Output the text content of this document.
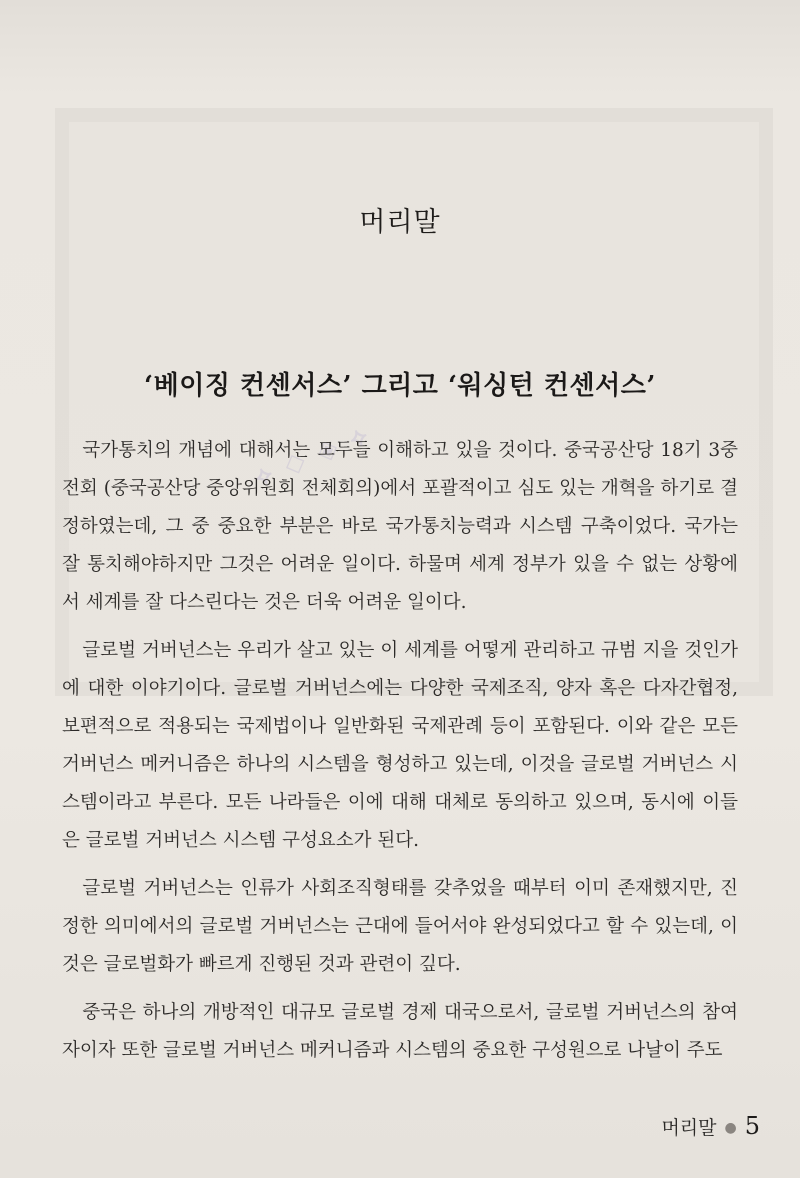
머리말
‘베이징 컨센서스’ 그리고 ‘워싱턴 컨센서스’
⟡ ◇ ◈ ⟡

국가통치의 개념에 대해서는 모두들 이해하고 있을 것이다. 중국공산당 18기 3중전회 (중국공산당 중앙위원회 전체회의)에서 포괄적이고 심도 있는 개혁을 하기로 결정하였는데, 그 중 중요한 부분은 바로 국가통치능력과 시스템 구축이었다. 국가는 잘 통치해야하지만 그것은 어려운 일이다. 하물며 세계 정부가 있을 수 없는 상황에서 세계를 잘 다스린다는 것은 더욱 어려운 일이다.

글로벌 거버넌스는 우리가 살고 있는 이 세계를 어떻게 관리하고 규범 지을 것인가에 대한 이야기이다. 글로벌 거버넌스에는 다양한 국제조직, 양자 혹은 다자간협정, 보편적으로 적용되는 국제법이나 일반화된 국제관례 등이 포함된다. 이와 같은 모든 거버넌스 메커니즘은 하나의 시스템을 형성하고 있는데, 이것을 글로벌 거버넌스 시스템이라고 부른다. 모든 나라들은 이에 대해 대체로 동의하고 있으며, 동시에 이들은 글로벌 거버넌스 시스템 구성요소가 된다.

글로벌 거버넌스는 인류가 사회조직형태를 갖추었을 때부터 이미 존재했지만, 진정한 의미에서의 글로벌 거버넌스는 근대에 들어서야 완성되었다고 할 수 있는데, 이것은 글로벌화가 빠르게 진행된 것과 관련이 깊다.

중국은 하나의 개방적인 대규모 글로벌 경제 대국으로서, 글로벌 거버넌스의 참여자이자 또한 글로벌 거버넌스 메커니즘과 시스템의 중요한 구성원으로 나날이 주도

머리말 ● 5
